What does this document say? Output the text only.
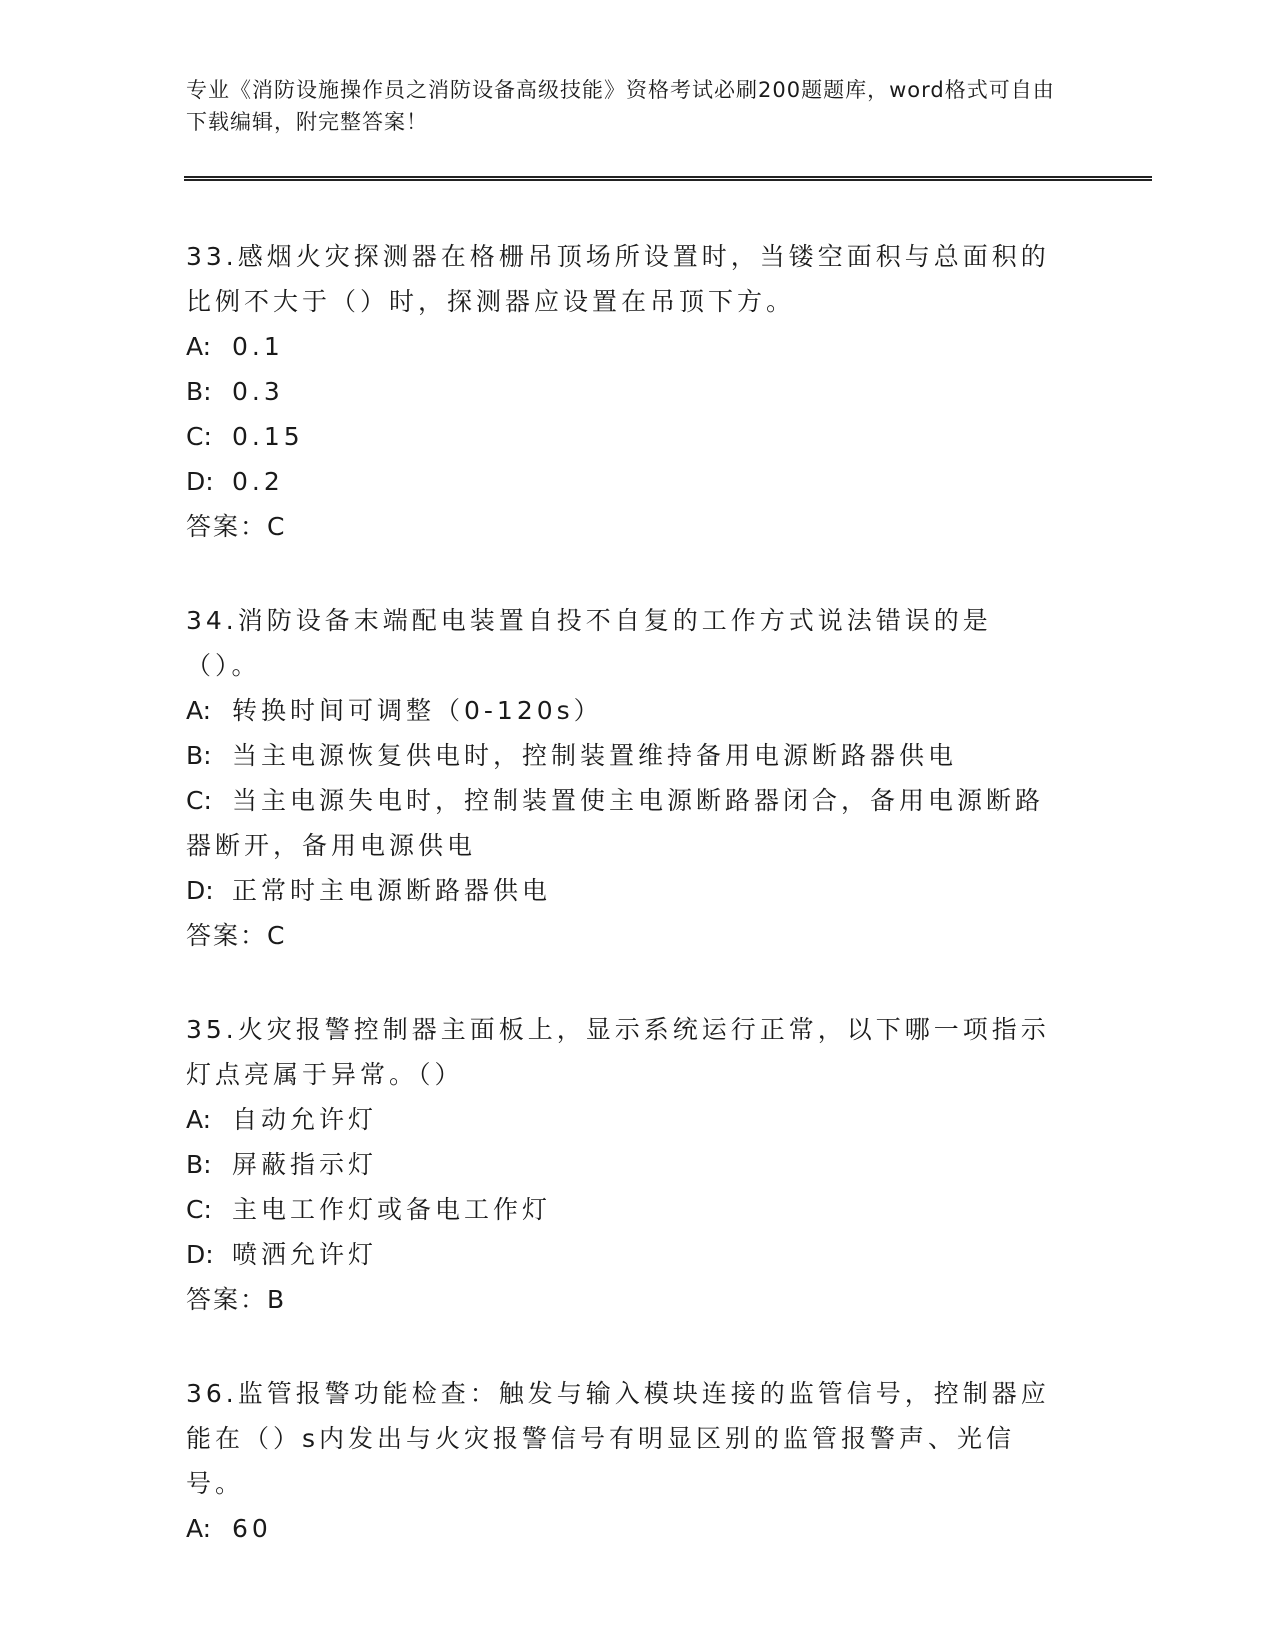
专业《消防设施操作员之消防设备高级技能》资格考试必刷200题题库，word格式可自由下载编辑，附完整答案！
33.感烟火灾探测器在格栅吊顶场所设置时，当镂空面积与总面积的比例不大于（）时，探测器应设置在吊顶下方。
A: 0.1
B: 0.3
C: 0.15
D: 0.2
答案：C
34.消防设备末端配电装置自投不自复的工作方式说法错误的是（）。
A: 转换时间可调整（0-120s）
B: 当主电源恢复供电时，控制装置维持备用电源断路器供电
C: 当主电源失电时，控制装置使主电源断路器闭合，备用电源断路器断开，备用电源供电
D: 正常时主电源断路器供电
答案：C
35.火灾报警控制器主面板上，显示系统运行正常，以下哪一项指示灯点亮属于异常。（）
A: 自动允许灯
B: 屏蔽指示灯
C: 主电工作灯或备电工作灯
D: 喷洒允许灯
答案：B
36.监管报警功能检查：触发与输入模块连接的监管信号，控制器应能在（）s内发出与火灾报警信号有明显区别的监管报警声、光信号。
A: 60
